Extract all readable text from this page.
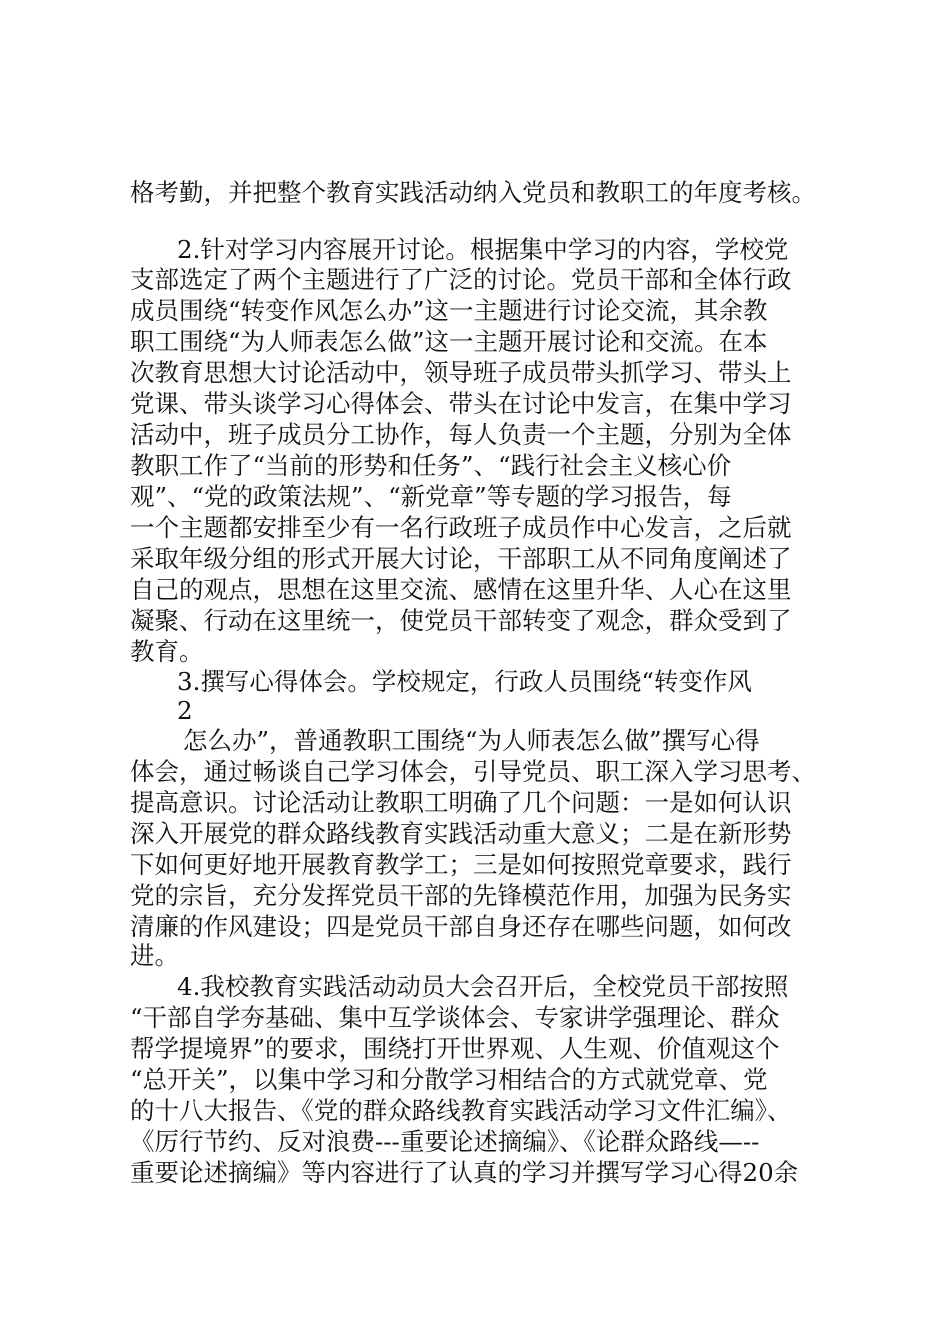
格考勤，并把整个教育实践活动纳入党员和教职工的年度考核。
2.针对学习内容展开讨论。根据集中学习的内容，学校党
支部选定了两个主题进行了广泛的讨论。党员干部和全体行政
成员围绕“转变作风怎么办”这一主题进行讨论交流，其余教
职工围绕“为人师表怎么做”这一主题开展讨论和交流。在本
次教育思想大讨论活动中，领导班子成员带头抓学习、带头上
党课、带头谈学习心得体会、带头在讨论中发言，在集中学习
活动中，班子成员分工协作，每人负责一个主题，分别为全体
教职工作了“当前的形势和任务”、“践行社会主义核心价
观”、“党的政策法规”、“新党章”等专题的学习报告，每
一个主题都安排至少有一名行政班子成员作中心发言，之后就
采取年级分组的形式开展大讨论，干部职工从不同角度阐述了
自己的观点，思想在这里交流、感情在这里升华、人心在这里
凝聚、行动在这里统一，使党员干部转变了观念，群众受到了
教育。
3.撰写心得体会。学校规定，行政人员围绕“转变作风
2
怎么办”，普通教职工围绕“为人师表怎么做”撰写心得
体会，通过畅谈自己学习体会，引导党员、职工深入学习思考、
提高意识。讨论活动让教职工明确了几个问题：一是如何认识
深入开展党的群众路线教育实践活动重大意义；二是在新形势
下如何更好地开展教育教学工；三是如何按照党章要求，践行
党的宗旨，充分发挥党员干部的先锋模范作用，加强为民务实
清廉的作风建设；四是党员干部自身还存在哪些问题，如何改
进。
4.我校教育实践活动动员大会召开后，全校党员干部按照
“干部自学夯基础、集中互学谈体会、专家讲学强理论、群众
帮学提境界”的要求，围绕打开世界观、人生观、价值观这个
“总开关”，以集中学习和分散学习相结合的方式就党章、党
的十八大报告、《党的群众路线教育实践活动学习文件汇编》、
《厉行节约、反对浪费---重要论述摘编》、《论群众路线—--
重要论述摘编》等内容进行了认真的学习并撰写学习心得20余
